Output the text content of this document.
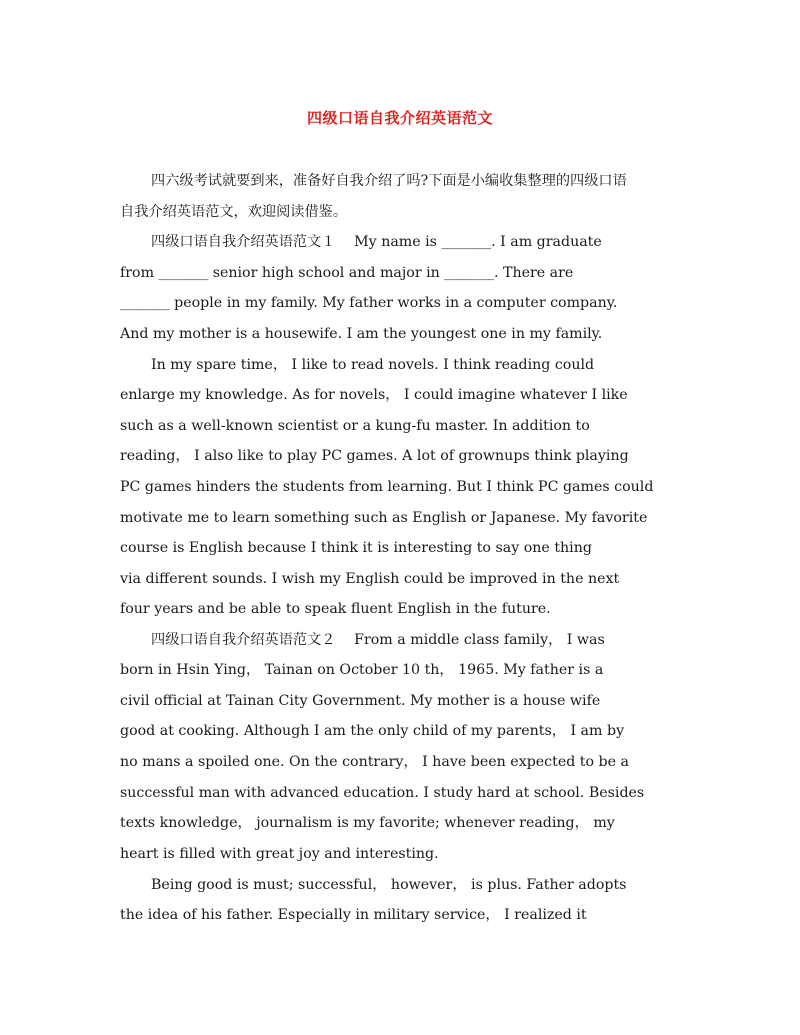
四级口语自我介绍英语范文
四六级考试就要到来，准备好自我介绍了吗?下面是小编收集整理的四级口语
自我介绍英语范文，欢迎阅读借鉴。
四级口语自我介绍英语范文１　 My name is _______. I am graduate
from _______ senior high school and major in _______. There are
_______ people in my family. My father works in a computer company.
And my mother is a housewife. I am the youngest one in my family.
In my spare time， I like to read novels. I think reading could
enlarge my knowledge. As for novels， I could imagine whatever I like
such as a well-known scientist or a kung-fu master. In addition to
reading， I also like to play PC games. A lot of grownups think playing
PC games hinders the students from learning. But I think PC games could
motivate me to learn something such as English or Japanese. My favorite
course is English because I think it is interesting to say one thing
via different sounds. I wish my English could be improved in the next
four years and be able to speak fluent English in the future.
四级口语自我介绍英语范文２　 From a middle class family， I was
born in Hsin Ying， Tainan on October 10 th， 1965. My father is a
civil official at Tainan City Government. My mother is a house wife
good at cooking. Although I am the only child of my parents， I am by
no mans a spoiled one. On the contrary， I have been expected to be a
successful man with advanced education. I study hard at school. Besides
texts knowledge， journalism is my favorite; whenever reading， my
heart is filled with great joy and interesting.
Being good is must; successful， however， is plus. Father adopts
the idea of his father. Especially in military service， I realized it
